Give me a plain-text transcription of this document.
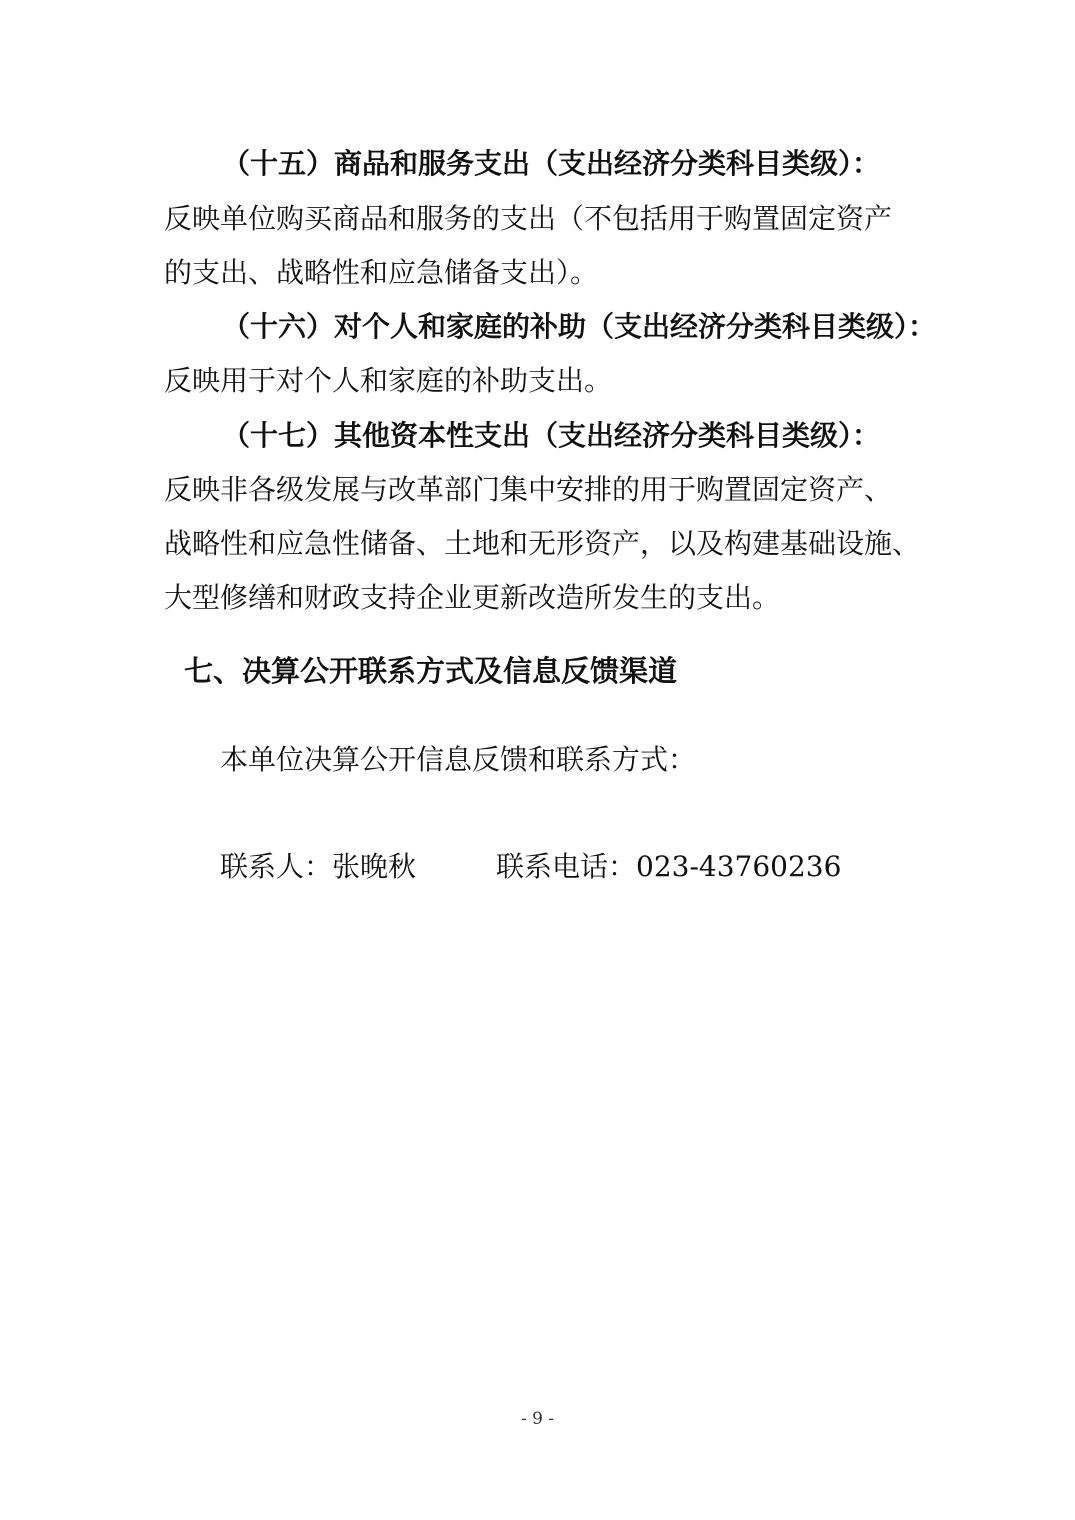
（十五）商品和服务支出（支出经济分类科目类级）：
反映单位购买商品和服务的支出（不包括用于购置固定资产
的支出、战略性和应急储备支出）。
（十六）对个人和家庭的补助（支出经济分类科目类级）：
反映用于对个人和家庭的补助支出。
（十七）其他资本性支出（支出经济分类科目类级）：
反映非各级发展与改革部门集中安排的用于购置固定资产、
战略性和应急性储备、土地和无形资产，以及构建基础设施、
大型修缮和财政支持企业更新改造所发生的支出。
七、决算公开联系方式及信息反馈渠道
本单位决算公开信息反馈和联系方式：
联系人：张晚秋	联系电话：023-43760236
- 9 -
